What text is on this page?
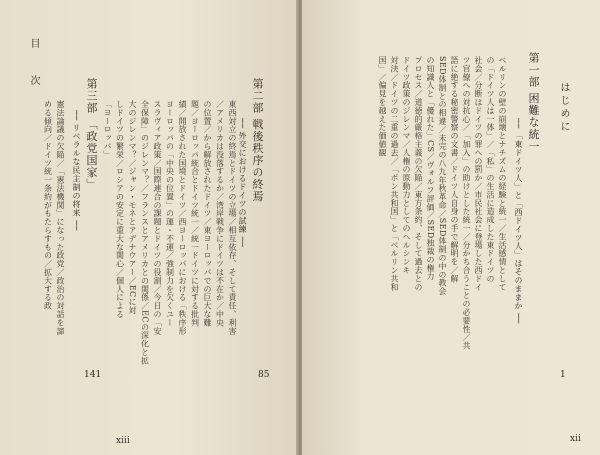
目 次
第二部 戦後秩序の終焉
── 外交におけるドイツの試練 ──
東西対立の終焉とドイツの立場／相互依存、そして責任、利害
／アメリカは没落するか／湾岸戦争にドイツは不在か／中央
の位置／から解放されたドイツ／東ヨーロッパでの巨大な難
題／ヨーロッパ統合とドイツ統一／統一ドイツに対する批判
績／開放された国境とドイツ／西ヨーロッパにおける「秩序形
ヨーロッパの「中央の位置」の運・不運／強制力を欠くユー
スラヴィア政策／国際連合の課題とドイツの役割／今日の「安
全保障」のジレンマ？／フランスとアメリカとの関係／ECの深化と拡
大のジレンマ？／ジャン・モネとアデナウアー／ECに対
しドイツの繁栄／ロシアの安定に重大な関心／個人による
「ヨーロッパ」
85
第三部 「政党国家」
── リベラルな民主制の将来 ──
憲法論議の欠陥／「憲法機関」になった政党／政治の対話を諦
める傾向／ドイツ統一条約がもたらすもの／拡大する政
141
xiii
はじめに
第一部 困難な統一
── 「東ドイツ人」と「西ドイツ人」はそのままか ──
ベルリンの壁の崩壊とナチズムの経験と統一／生活感情として
の「ドイツ人は一体」／「私」の生活に造成した東ドイツの
社会／分断はドイツの罪への罰か／市民社会に登場した西ドイ
ツ官僚への対抗心／「加入」の助けとした統一／分かち合うことの必要性／共
語に絶する秘密警察の文書／ドイツ人自身の手で解明を／解
SED体制との相違／未完の八九年秋革命／SED体制の中の教会
の知識人と「優れた」CS／ヴォルフ評価／SED独裁の権力
プロセス／道徳的厳格主義の欠陥／東方条約、そして過去との
ドイツ政策のジレンマ／人権の原動力としてのヘルシンキ
対決／ドイツの二重の過去／「ボン共和国」と「ベルリン共和
国」／偏見を越えた価値観
1
xii
